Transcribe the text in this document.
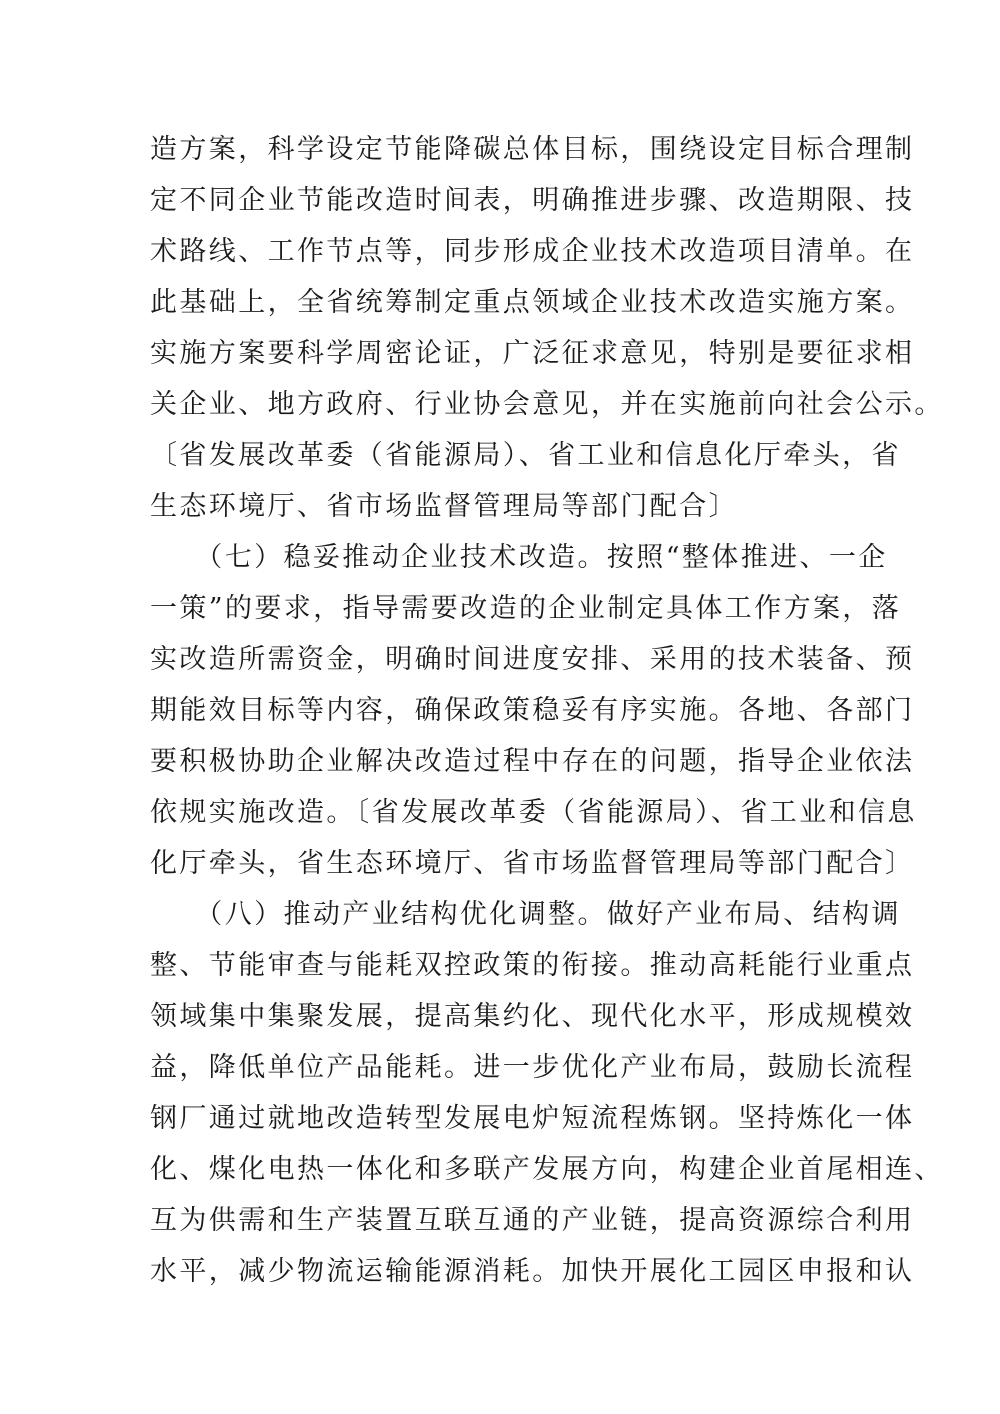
造方案，科学设定节能降碳总体目标，围绕设定目标合理制
定不同企业节能改造时间表，明确推进步骤、改造期限、技
术路线、工作节点等，同步形成企业技术改造项目清单。在
此基础上，全省统筹制定重点领域企业技术改造实施方案。
实施方案要科学周密论证，广泛征求意见，特别是要征求相
关企业、地方政府、行业协会意见，并在实施前向社会公示。
〔省发展改革委（省能源局）、省工业和信息化厅牵头，省
生态环境厅、省市场监督管理局等部门配合〕
　　（七）稳妥推动企业技术改造。按照“整体推进、一企
一策”的要求，指导需要改造的企业制定具体工作方案，落
实改造所需资金，明确时间进度安排、采用的技术装备、预
期能效目标等内容，确保政策稳妥有序实施。各地、各部门
要积极协助企业解决改造过程中存在的问题，指导企业依法
依规实施改造。〔省发展改革委（省能源局）、省工业和信息
化厅牵头，省生态环境厅、省市场监督管理局等部门配合〕
　　（八）推动产业结构优化调整。做好产业布局、结构调
整、节能审查与能耗双控政策的衔接。推动高耗能行业重点
领域集中集聚发展，提高集约化、现代化水平，形成规模效
益，降低单位产品能耗。进一步优化产业布局，鼓励长流程
钢厂通过就地改造转型发展电炉短流程炼钢。坚持炼化一体
化、煤化电热一体化和多联产发展方向，构建企业首尾相连、
互为供需和生产装置互联互通的产业链，提高资源综合利用
水平，减少物流运输能源消耗。加快开展化工园区申报和认
